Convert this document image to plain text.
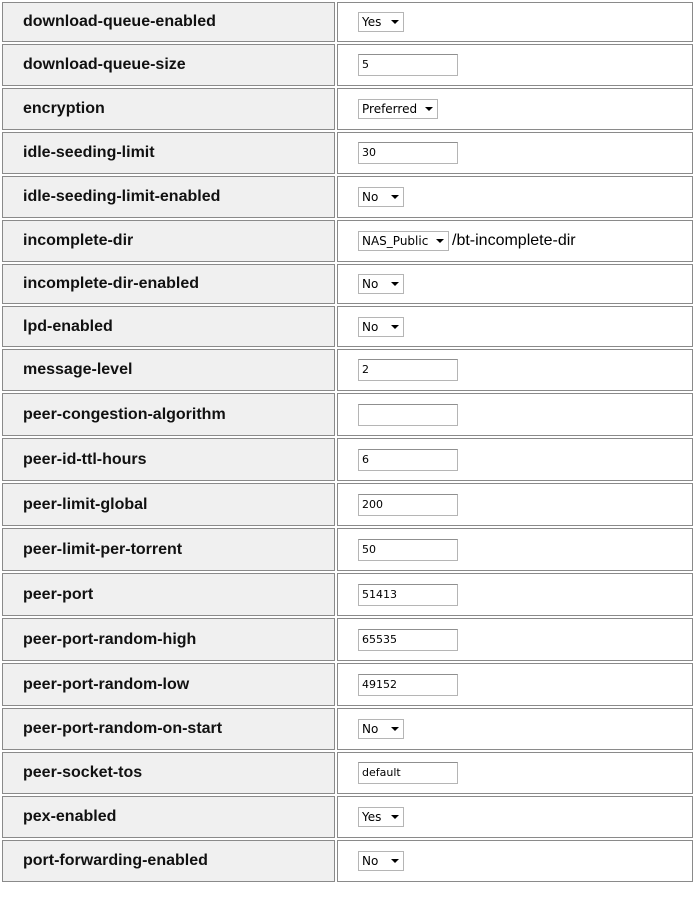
download-queue-enabled	Yes

download-queue-size	5
encryption	Preferred

idle-seeding-limit	30
idle-seeding-limit-enabled	No

incomplete-dir	NAS_Public /bt-incomplete-dir
incomplete-dir-enabled	No

lpd-enabled	No

message-level	2
peer-congestion-algorithm	
peer-id-ttl-hours	6
peer-limit-global	200
peer-limit-per-torrent	50
peer-port	51413
peer-port-random-high	65535
peer-port-random-low	49152
peer-port-random-on-start	No

peer-socket-tos	default
pex-enabled	Yes

port-forwarding-enabled	No
